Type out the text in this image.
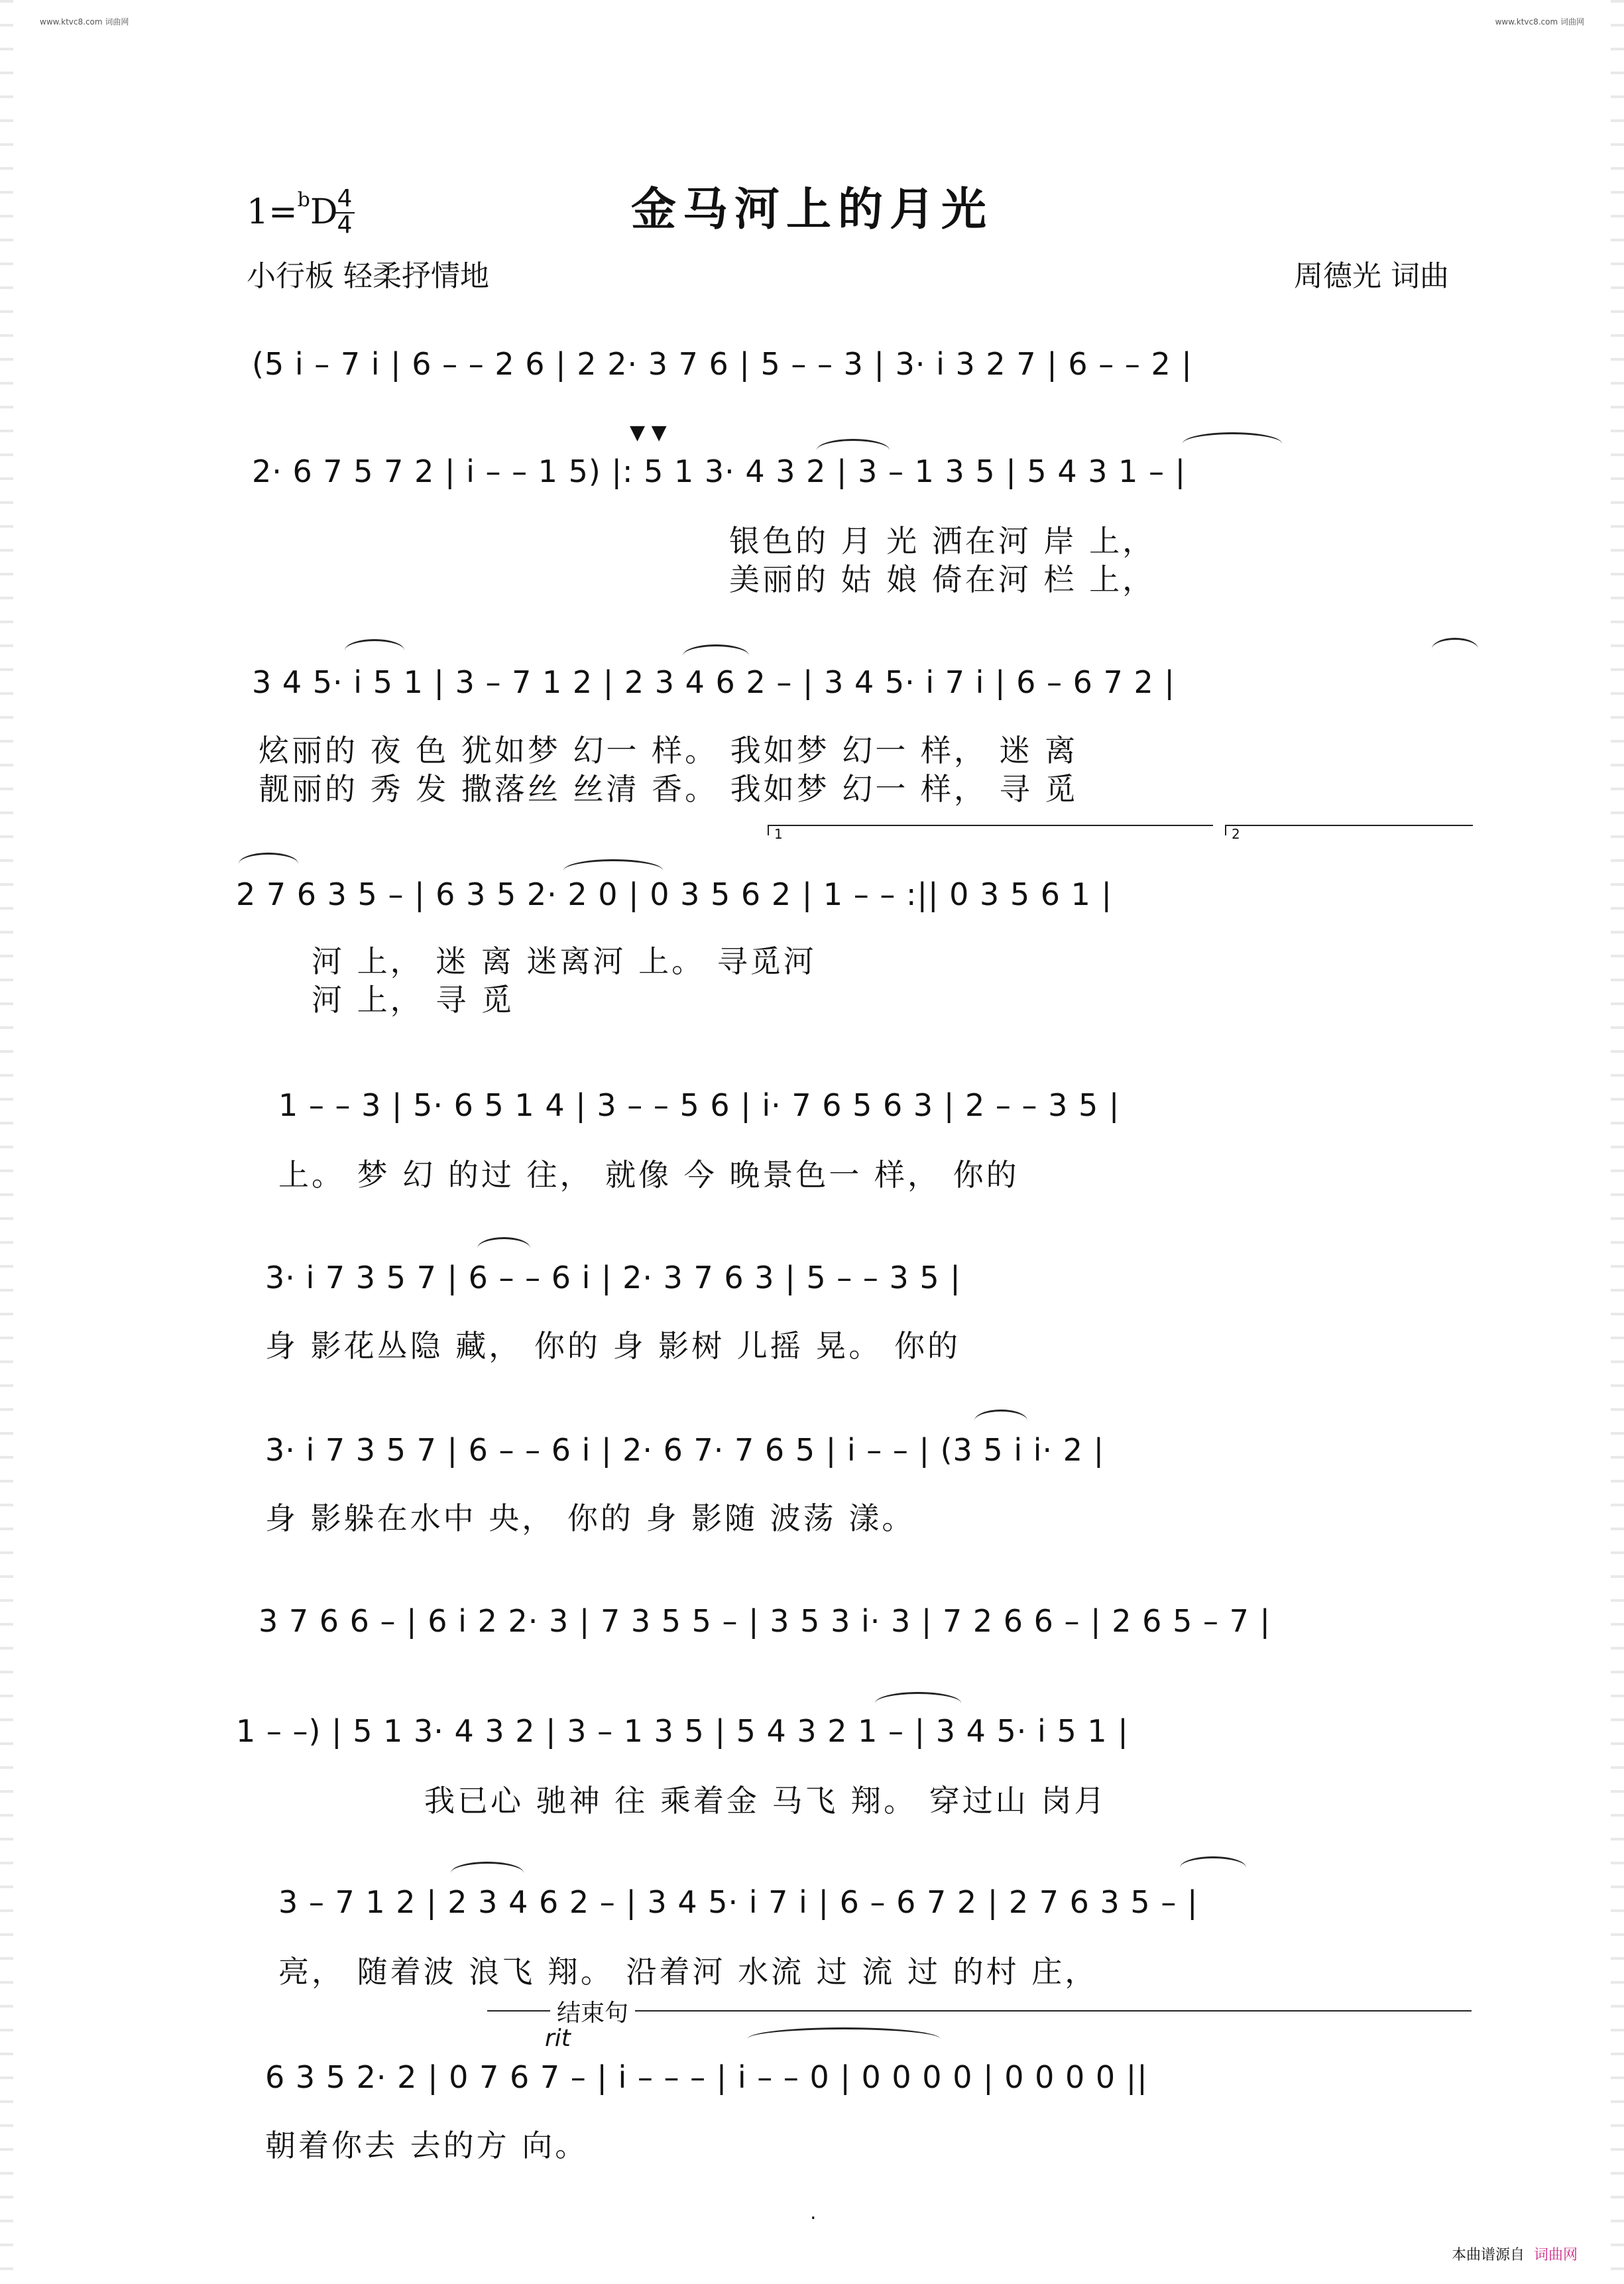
www.ktvc8.com 词曲网	www.ktvc8.com 词曲网
金马河上的月光
1=$^b$D
4
4
小行板 轻柔抒情地	周德光 词曲
(5 i – 7 i | 6 – – 2 6 | 2 2· 3 7 6 | 5 – – 3 | 3· i 3 2 7 | 6 – – 2 |
▼ ▼
2· 6 7 5 7 2 | i – – 1 5) |: 5 1 3· 4 3 2 | 3 – 1 3 5 | 5 4 3 1 – |
银色的 月 光 洒在河 岸 上，
美丽的 姑 娘 倚在河 栏 上，
3 4 5· i 5 1 | 3 – 7 1 2 | 2 3 4 6 2 – | 3 4 5· i 7 i | 6 – 6 7 2 |
炫丽的 夜 色 犹如梦 幻一 样。 我如梦 幻一 样， 迷 离
靓丽的 秀 发 撒落丝 丝清 香。 我如梦 幻一 样， 寻 觅
1	2
2 7 6 3 5 – | 6 3 5 2· 2 0 | 0 3 5 6 2 | 1 – – :|| 0 3 5 6 1 |
河 上， 迷 离 迷离河 上。 寻觅河
河 上， 寻 觅
1 – – 3 | 5· 6 5 1 4 | 3 – – 5 6 | i· 7 6 5 6 3 | 2 – – 3 5 |
上。 梦 幻 的过 往， 就像 今 晚景色一 样， 你的
3· i 7 3 5 7 | 6 – – 6 i | 2· 3 7 6 3 | 5 – – 3 5 |
身 影花丛隐 藏， 你的 身 影树 儿摇 晃。 你的
3· i 7 3 5 7 | 6 – – 6 i | 2· 6 7· 7 6 5 | i – – | (3 5 i i· 2 |
身 影躲在水中 央， 你的 身 影随 波荡 漾。
3 7 6 6 – | 6 i 2 2· 3 | 7 3 5 5 – | 3 5 3 i· 3 | 7 2 6 6 – | 2 6 5 – 7 |
1 – –) | 5 1 3· 4 3 2 | 3 – 1 3 5 | 5 4 3 2 1 – | 3 4 5· i 5 1 |
我已心 驰神 往 乘着金 马飞 翔。 穿过山 岗月
3 – 7 1 2 | 2 3 4 6 2 – | 3 4 5· i 7 i | 6 – 6 7 2 | 2 7 6 3 5 – |
亮， 随着波 浪飞 翔。 沿着河 水流 过 流 过 的村 庄，
结束句
rit
6 3 5 2· 2 | 0 7 6 7 – | i – – – | i – – 0 | 0 0 0 0 | 0 0 0 0 ||
朝着你去 去的方 向。
.
本曲谱源自 词曲网
